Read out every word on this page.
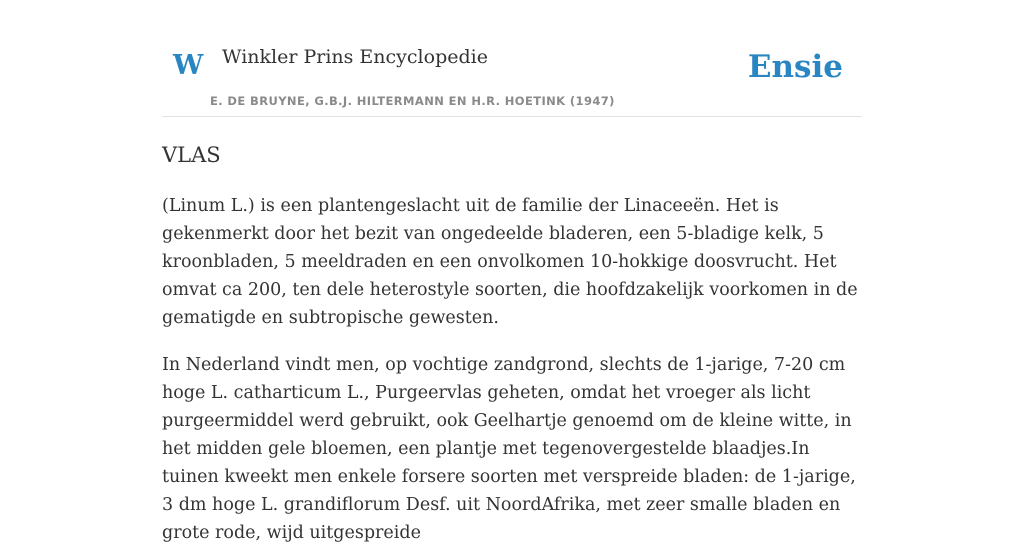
W Winkler Prins Encyclopedie
E. DE BRUYNE, G.B.J. HILTERMANN EN H.R. HOETINK (1947)
Ensie
VLAS

(Linum L.) is een plantengeslacht uit de familie der Linaceeën. Het is gekenmerkt door het bezit van ongedeelde bladeren, een 5-bladige kelk, 5 kroonbladen, 5 meeldraden en een onvolkomen 10-hokkige doosvrucht. Het omvat ca 200, ten dele heterostyle soorten, die hoofdzakelijk voorkomen in de gematigde en subtropische gewesten.

In Nederland vindt men, op vochtige zandgrond, slechts de 1-jarige, 7-20 cm hoge L. catharticum L., Purgeervlas geheten, omdat het vroeger als licht purgeermiddel werd gebruikt, ook Geelhartje genoemd om de kleine witte, in het midden gele bloemen, een plantje met tegenovergestelde blaadjes.In tuinen kweekt men enkele forsere soorten met verspreide bladen: de 1-jarige, 3 dm hoge L. grandiflorum Desf. uit NoordAfrika, met zeer smalle bladen en grote rode, wijd uitgespreide
